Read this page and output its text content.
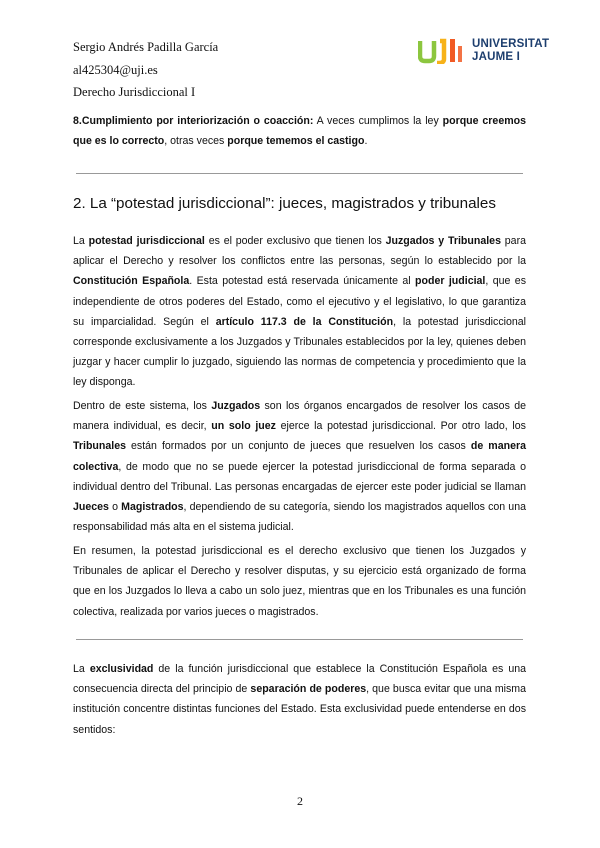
Sergio Andrés Padilla García
al425304@uji.es
Derecho Jurisdiccional I
UNIVERSITAT
JAUME I

8.Cumplimiento por interiorización o coacción: A veces cumplimos la ley porque creemos que es lo correcto, otras veces porque tememos el castigo.

2. La “potestad jurisdiccional”: jueces, magistrados y tribunales

La potestad jurisdiccional es el poder exclusivo que tienen los Juzgados y Tribunales para aplicar el Derecho y resolver los conflictos entre las personas, según lo establecido por la Constitución Española. Esta potestad está reservada únicamente al poder judicial, que es independiente de otros poderes del Estado, como el ejecutivo y el legislativo, lo que garantiza su imparcialidad. Según el artículo 117.3 de la Constitución, la potestad jurisdiccional corresponde exclusivamente a los Juzgados y Tribunales establecidos por la ley, quienes deben juzgar y hacer cumplir lo juzgado, siguiendo las normas de competencia y procedimiento que la ley disponga.

Dentro de este sistema, los Juzgados son los órganos encargados de resolver los casos de manera individual, es decir, un solo juez ejerce la potestad jurisdiccional. Por otro lado, los Tribunales están formados por un conjunto de jueces que resuelven los casos de manera colectiva, de modo que no se puede ejercer la potestad jurisdiccional de forma separada o individual dentro del Tribunal. Las personas encargadas de ejercer este poder judicial se llaman Jueces o Magistrados, dependiendo de su categoría, siendo los magistrados aquellos con una responsabilidad más alta en el sistema judicial.

En resumen, la potestad jurisdiccional es el derecho exclusivo que tienen los Juzgados y Tribunales de aplicar el Derecho y resolver disputas, y su ejercicio está organizado de forma que en los Juzgados lo lleva a cabo un solo juez, mientras que en los Tribunales es una función colectiva, realizada por varios jueces o magistrados.

La exclusividad de la función jurisdiccional que establece la Constitución Española es una consecuencia directa del principio de separación de poderes, que busca evitar que una misma institución concentre distintas funciones del Estado. Esta exclusividad puede entenderse en dos sentidos:

2
